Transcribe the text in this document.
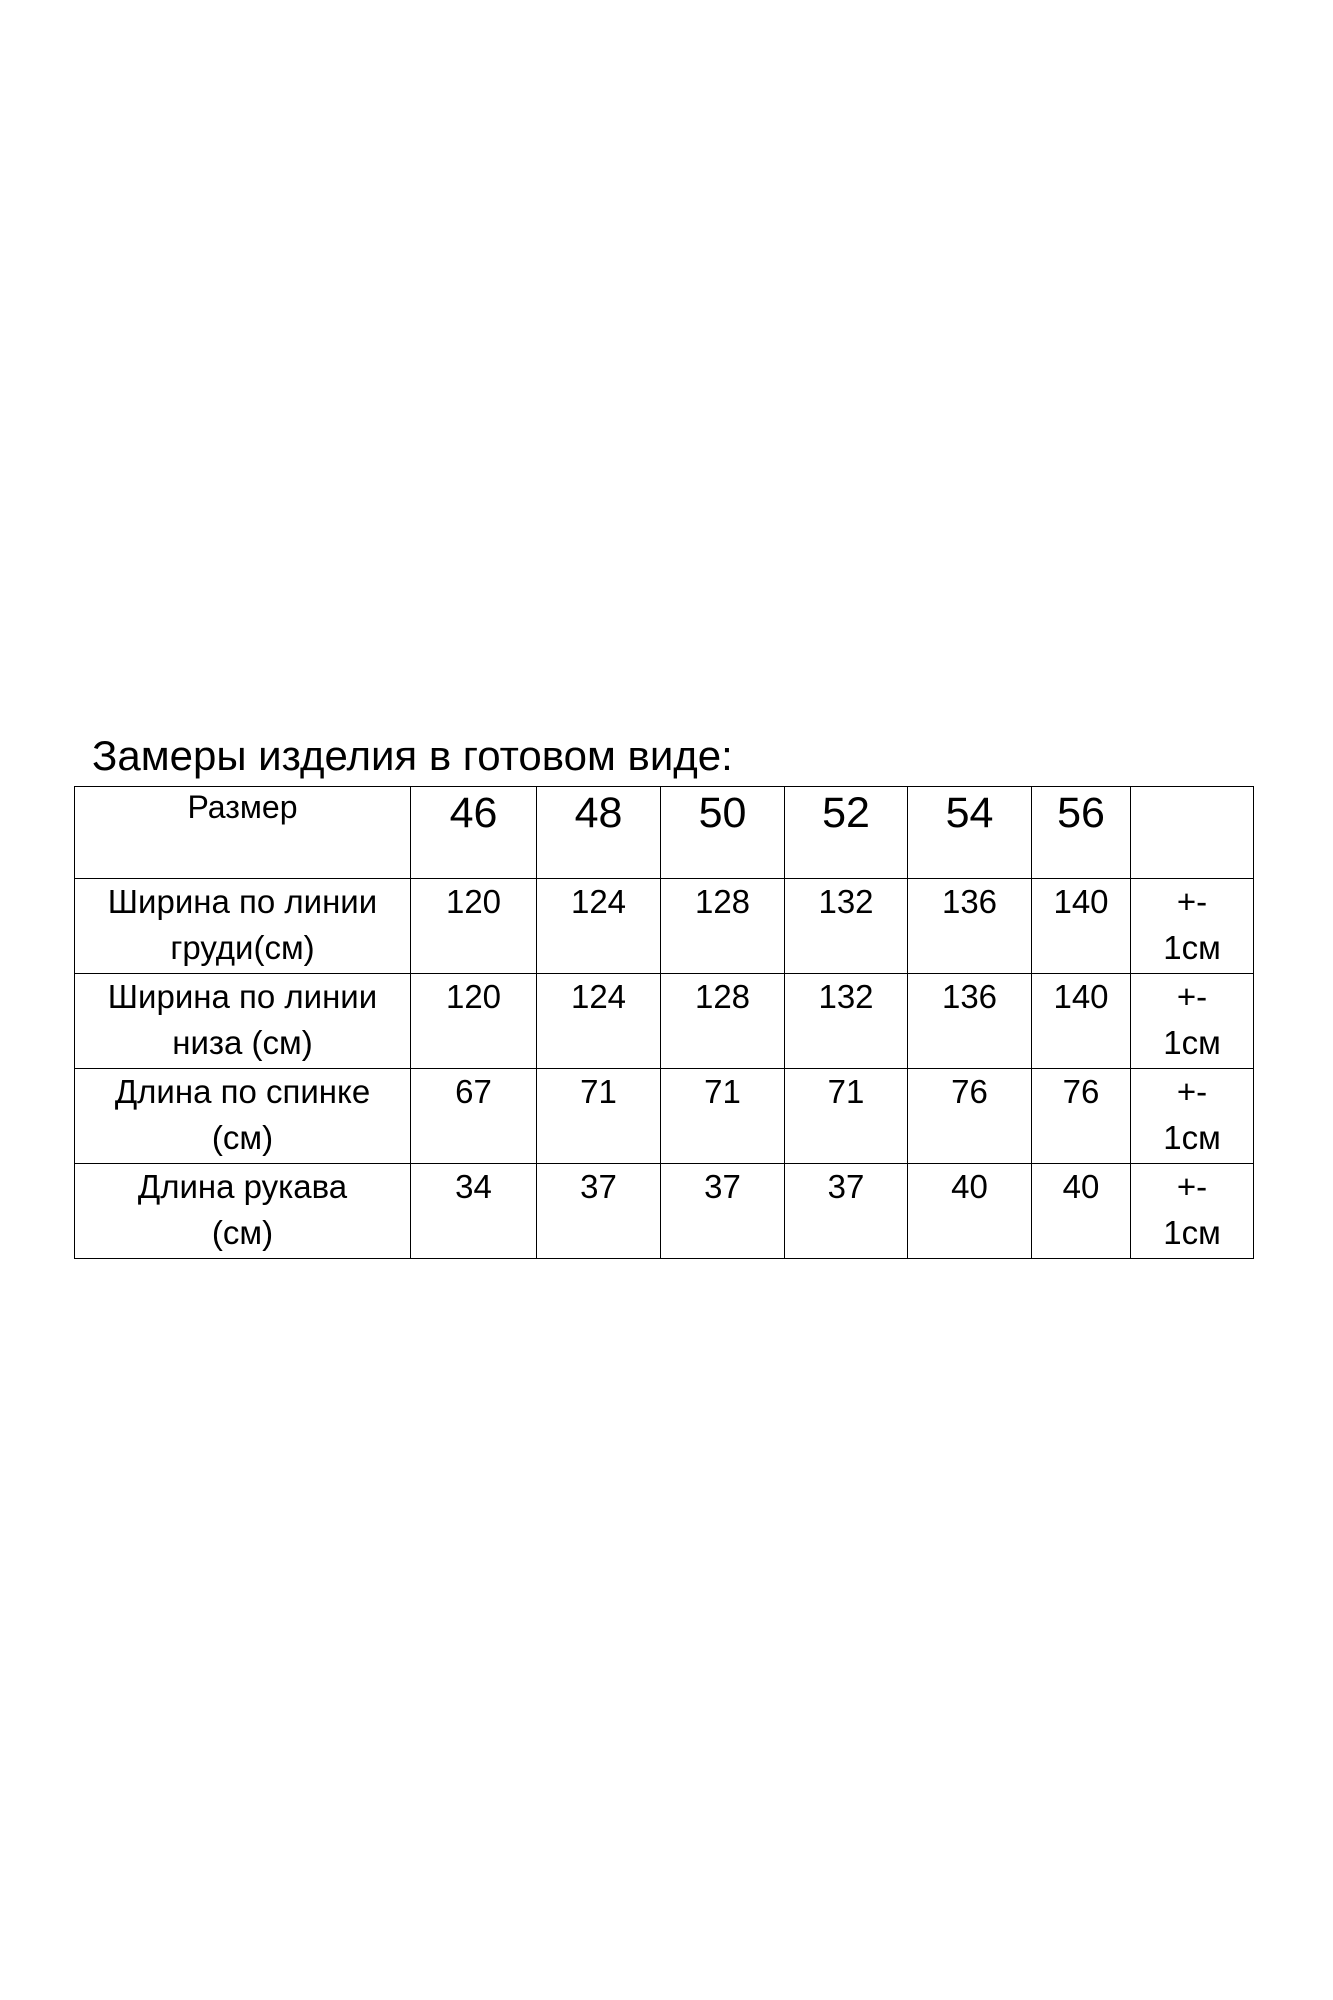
Замеры изделия в готовом виде:
Размер	46	48	50	52	54	56	

Ширина по линии
груди(см)	120	124	128	132	136	140	+-
1см

Ширина по линии
низа (см)	120	124	128	132	136	140	+-
1см

Длина по спинке
(см)	67	71	71	71	76	76	+-
1см

Длина рукава
(см)	34	37	37	37	40	40	+-
1см
